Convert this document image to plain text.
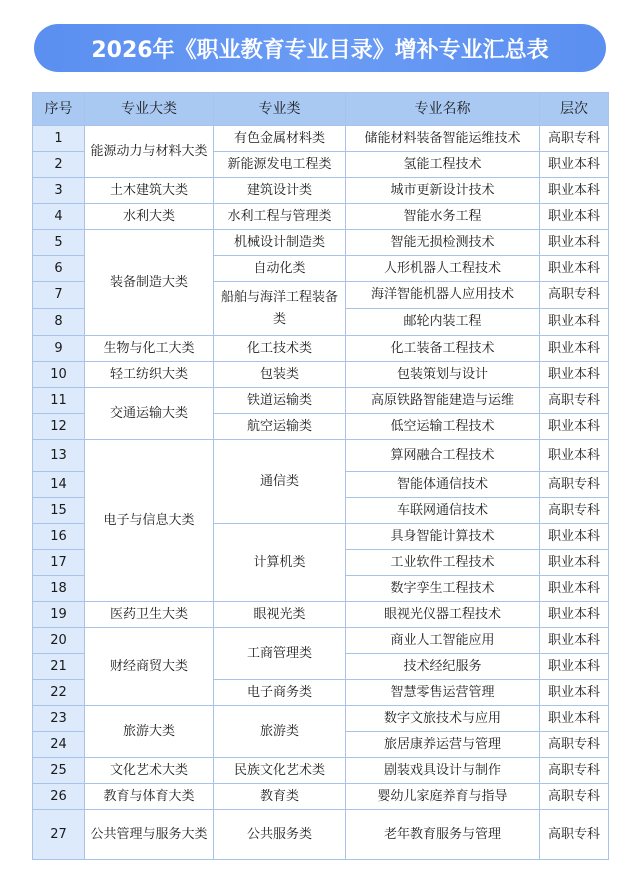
2026年《职业教育专业目录》增补专业汇总表
序号	专业大类	专业类	专业名称	层次
1	能源动力与材料大类	有色金属材料类	储能材料装备智能运维技术	高职专科
2		新能源发电工程类	氢能工程技术	职业本科
3	土木建筑大类	建筑设计类	城市更新设计技术	职业本科
4	水利大类	水利工程与管理类	智能水务工程	职业本科
5	装备制造大类	机械设计制造类	智能无损检测技术	职业本科
6		自动化类	人形机器人工程技术	职业本科
7		船舶与海洋工程装备类	海洋智能机器人应用技术	高职专科
8			邮轮内装工程	职业本科
9	生物与化工大类	化工技术类	化工装备工程技术	职业本科
10	轻工纺织大类	包装类	包装策划与设计	职业本科
11	交通运输大类	铁道运输类	高原铁路智能建造与运维	高职专科
12		航空运输类	低空运输工程技术	职业本科
13	电子与信息大类	通信类	算网融合工程技术	职业本科
14			智能体通信技术	高职专科
15			车联网通信技术	高职专科
16		计算机类	具身智能计算技术	职业本科
17			工业软件工程技术	职业本科
18			数字孪生工程技术	职业本科
19	医药卫生大类	眼视光类	眼视光仪器工程技术	职业本科
20	财经商贸大类	工商管理类	商业人工智能应用	职业本科
21			技术经纪服务	职业本科
22		电子商务类	智慧零售运营管理	职业本科
23	旅游大类	旅游类	数字文旅技术与应用	职业本科
24			旅居康养运营与管理	高职专科
25	文化艺术大类	民族文化艺术类	剧装戏具设计与制作	高职专科
26	教育与体育大类	教育类	婴幼儿家庭养育与指导	高职专科
27	公共管理与服务大类	公共服务类	老年教育服务与管理	高职专科
